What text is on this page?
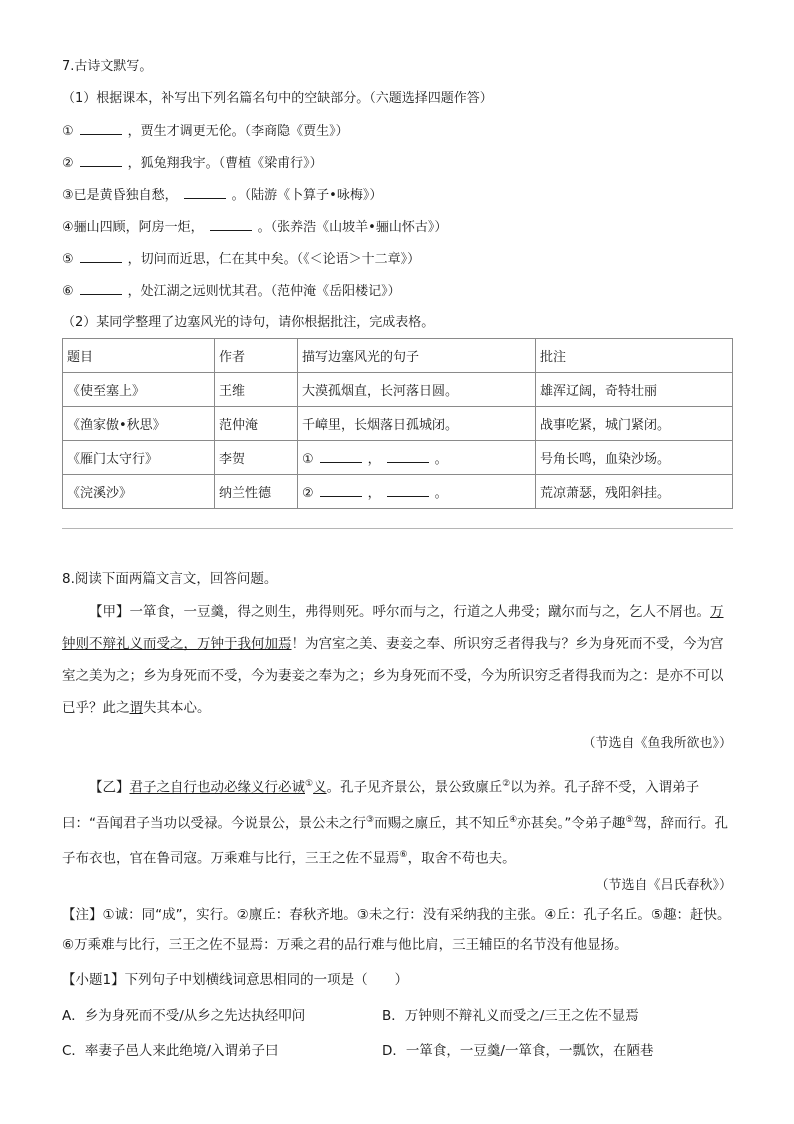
7.古诗文默写。
（1）根据课本，补写出下列名篇名句中的空缺部分。（六题选择四题作答）
①	，贾生才调更无伦。（李商隐《贾生》）
②	，狐兔翔我宇。（曹植《梁甫行》）
③已是黄昏独自愁，	。（陆游《卜算子•咏梅》）
④骊山四顾，阿房一炬，	。（张养浩《山坡羊•骊山怀古》）
⑤	，切问而近思，仁在其中矣。（《＜论语＞十二章》）
⑥	，处江湖之远则忧其君。（范仲淹《岳阳楼记》）
（2）某同学整理了边塞风光的诗句，请你根据批注，完成表格。
题目	作者	描写边塞风光的句子	批注
《使至塞上》	王维	大漠孤烟直，长河落日圆。	雄浑辽阔，奇特壮丽
《渔家傲•秋思》	范仲淹	千嶂里，长烟落日孤城闭。	战事吃紧，城门紧闭。
《雁门太守行》	李贺	① ， 。	号角长鸣，血染沙场。
《浣溪沙》	纳兰性德	② ， 。	荒凉萧瑟，残阳斜挂。
8.阅读下面两篇文言文，回答问题。
【甲】一箪食，一豆羹，得之则生，弗得则死。呼尔而与之，行道之人弗受；蹴尔而与之，乞人不屑也。万钟则不辩礼义而受之，万钟于我何加焉！为宫室之美、妻妾之奉、所识穷乏者得我与？乡为身死而不受，今为宫室之美为之；乡为身死而不受，今为妻妾之奉为之；乡为身死而不受，今为所识穷乏者得我而为之：是亦不可以已乎？此之谓失其本心。
（节选自《鱼我所欲也》）
【乙】君子之自行也动必缘义行必诚①义。孔子见齐景公，景公致廪丘②以为养。孔子辞不受，入谓弟子曰：“吾闻君子当功以受禄。今说景公，景公未之行③而赐之廪丘，其不知丘④亦甚矣。”令弟子趣⑤驾，辞而行。孔子布衣也，官在鲁司寇。万乘难与比行，三王之佐不显焉⑥，取舍不苟也夫。
（节选自《吕氏春秋》）
【注】①诚：同“成”，实行。②廪丘：春秋齐地。③未之行：没有采纳我的主张。④丘：孔子名丘。⑤趣：赶快。⑥万乘难与比行，三王之佐不显焉：万乘之君的品行难与他比肩，三王辅臣的名节没有他显扬。
【小题1】下列句子中划横线词意思相同的一项是（　　）
A．乡为身死而不受/从乡之先达执经叩问	B．万钟则不辩礼义而受之/三王之佐不显焉
C．率妻子邑人来此绝境/入谓弟子曰	D．一箪食，一豆羹/一箪食，一瓢饮，在陋巷
